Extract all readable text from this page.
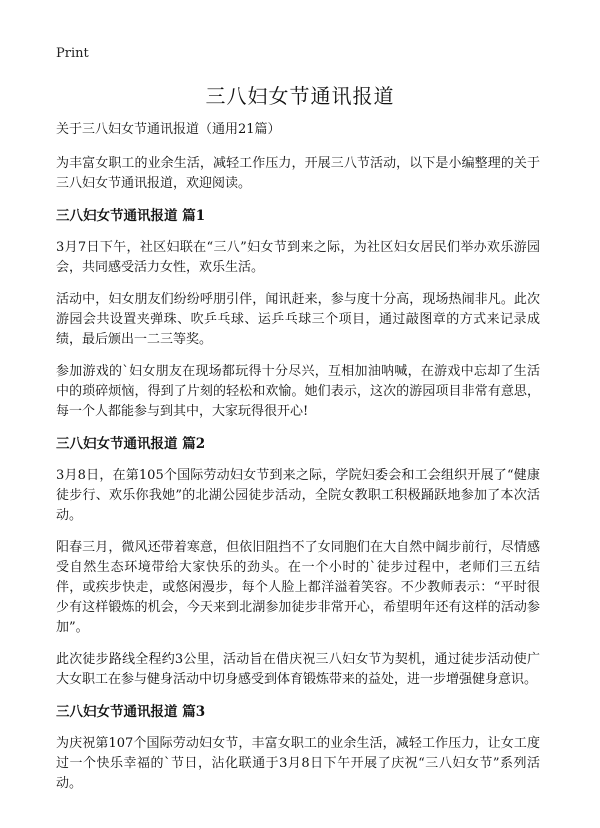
Print
三八妇女节通讯报道
关于三八妇女节通讯报道（通用21篇）

为丰富女职工的业余生活，减轻工作压力，开展三八节活动，以下是小编整理的关于三八妇女节通讯报道，欢迎阅读。

三八妇女节通讯报道 篇1

3月7日下午，社区妇联在“三八”妇女节到来之际，为社区妇女居民们举办欢乐游园会，共同感受活力女性，欢乐生活。

活动中，妇女朋友们纷纷呼朋引伴，闻讯赶来，参与度十分高，现场热闹非凡。此次游园会共设置夹弹珠、吹乒乓球、运乒乓球三个项目，通过敲图章的方式来记录成绩，最后颁出一二三等奖。

参加游戏的`妇女朋友在现场都玩得十分尽兴，互相加油呐喊，在游戏中忘却了生活中的琐碎烦恼，得到了片刻的轻松和欢愉。她们表示，这次的游园项目非常有意思，每一个人都能参与到其中，大家玩得很开心!

三八妇女节通讯报道 篇2

3月8日，在第105个国际劳动妇女节到来之际，学院妇委会和工会组织开展了“健康徒步行、欢乐你我她”的北湖公园徒步活动，全院女教职工积极踊跃地参加了本次活动。

阳春三月，微风还带着寒意，但依旧阻挡不了女同胞们在大自然中阔步前行，尽情感受自然生态环境带给大家快乐的劲头。在一个小时的`徒步过程中，老师们三五结伴，或疾步快走，或悠闲漫步，每个人脸上都洋溢着笑容。不少教师表示：“平时很少有这样锻炼的机会，今天来到北湖参加徒步非常开心，希望明年还有这样的活动参加”。

此次徒步路线全程约3公里，活动旨在借庆祝三八妇女节为契机，通过徒步活动使广大女职工在参与健身活动中切身感受到体育锻炼带来的益处，进一步增强健身意识。

三八妇女节通讯报道 篇3

为庆祝第107个国际劳动妇女节，丰富女职工的业余生活，减轻工作压力，让女工度过一个快乐幸福的`节日，沾化联通于3月8日下午开展了庆祝“三八妇女节”系列活动。
